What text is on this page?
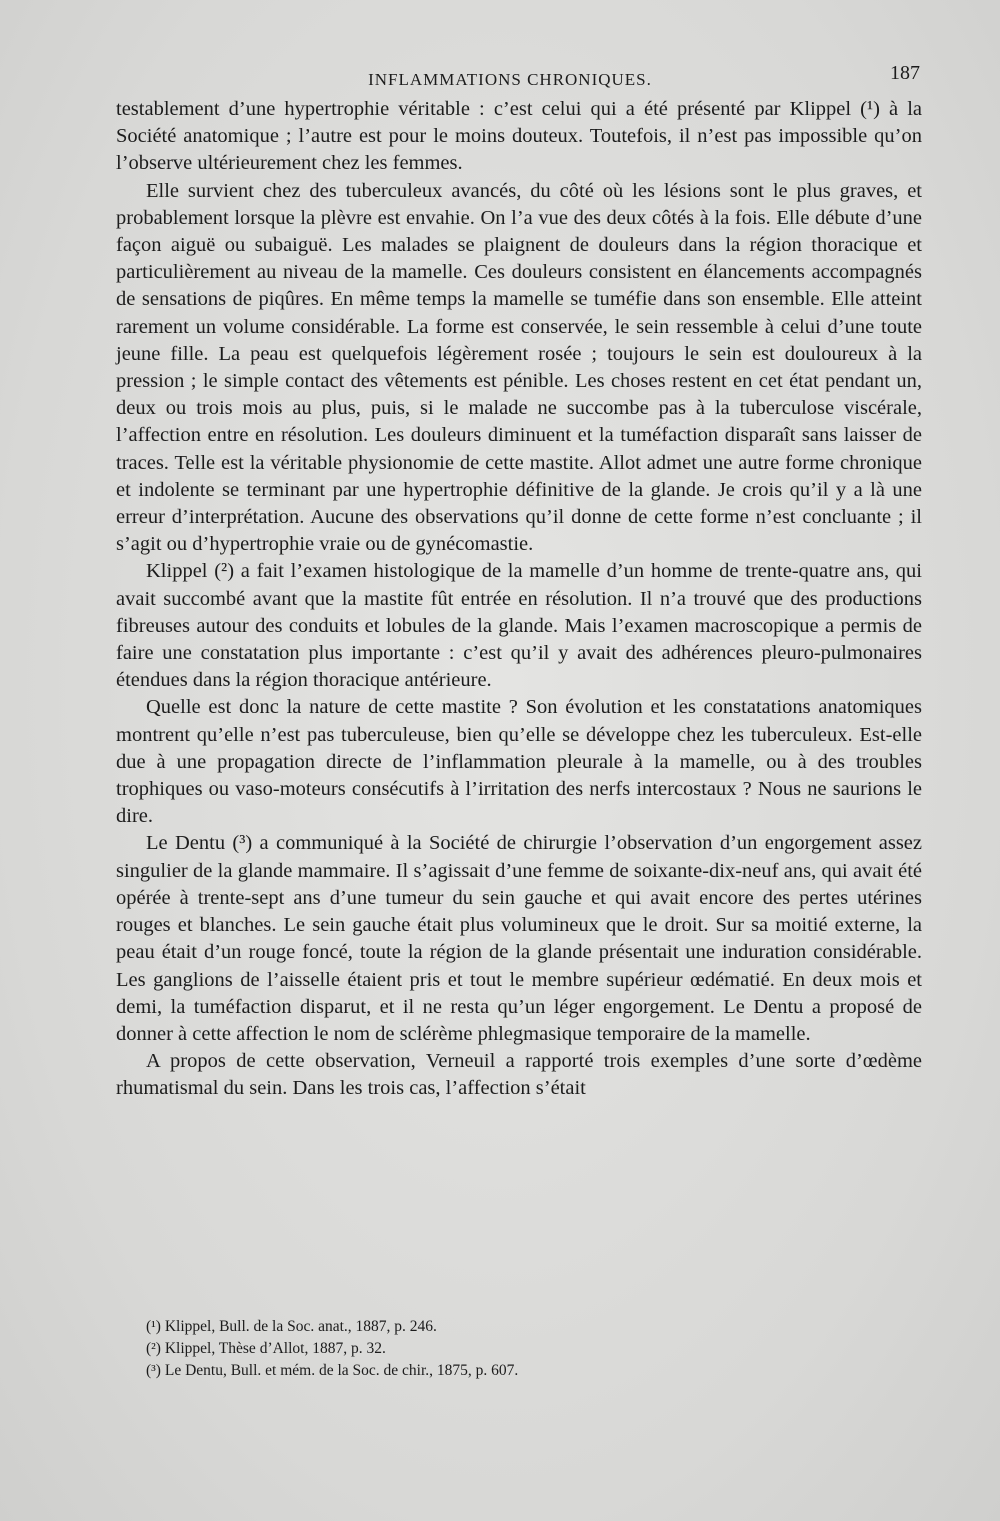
INFLAMMATIONS CHRONIQUES.	187

testablement d’une hypertrophie véritable : c’est celui qui a été présenté par Klippel (¹) à la Société anatomique ; l’autre est pour le moins douteux. Toutefois, il n’est pas impossible qu’on l’observe ultérieurement chez les femmes.

Elle survient chez des tuberculeux avancés, du côté où les lésions sont le plus graves, et probablement lorsque la plèvre est envahie. On l’a vue des deux côtés à la fois. Elle débute d’une façon aiguë ou subaiguë. Les malades se plaignent de douleurs dans la région thoracique et particulièrement au niveau de la mamelle. Ces douleurs consistent en élancements accompagnés de sensations de piqûres. En même temps la mamelle se tuméfie dans son ensemble. Elle atteint rarement un volume considérable. La forme est conservée, le sein ressemble à celui d’une toute jeune fille. La peau est quelquefois légèrement rosée ; toujours le sein est douloureux à la pression ; le simple contact des vêtements est pénible. Les choses restent en cet état pendant un, deux ou trois mois au plus, puis, si le malade ne succombe pas à la tuberculose viscérale, l’affection entre en résolution. Les douleurs diminuent et la tuméfaction disparaît sans laisser de traces. Telle est la véritable physionomie de cette mastite. Allot admet une autre forme chronique et indolente se terminant par une hypertrophie définitive de la glande. Je crois qu’il y a là une erreur d’interprétation. Aucune des observations qu’il donne de cette forme n’est concluante ; il s’agit ou d’hypertrophie vraie ou de gynécomastie.

Klippel (²) a fait l’examen histologique de la mamelle d’un homme de trente-quatre ans, qui avait succombé avant que la mastite fût entrée en résolution. Il n’a trouvé que des productions fibreuses autour des conduits et lobules de la glande. Mais l’examen macroscopique a permis de faire une constatation plus importante : c’est qu’il y avait des adhérences pleuro-pulmonaires étendues dans la région thoracique antérieure.

Quelle est donc la nature de cette mastite ? Son évolution et les constatations anatomiques montrent qu’elle n’est pas tuberculeuse, bien qu’elle se développe chez les tuberculeux. Est-elle due à une propagation directe de l’inflammation pleurale à la mamelle, ou à des troubles trophiques ou vaso-moteurs consécutifs à l’irritation des nerfs intercostaux ? Nous ne saurions le dire.

Le Dentu (³) a communiqué à la Société de chirurgie l’observation d’un engorgement assez singulier de la glande mammaire. Il s’agissait d’une femme de soixante-dix-neuf ans, qui avait été opérée à trente-sept ans d’une tumeur du sein gauche et qui avait encore des pertes utérines rouges et blanches. Le sein gauche était plus volumineux que le droit. Sur sa moitié externe, la peau était d’un rouge foncé, toute la région de la glande présentait une induration considérable. Les ganglions de l’aisselle étaient pris et tout le membre supérieur œdématié. En deux mois et demi, la tuméfaction disparut, et il ne resta qu’un léger engorgement. Le Dentu a proposé de donner à cette affection le nom de sclérème phlegmasique temporaire de la mamelle.

A propos de cette observation, Verneuil a rapporté trois exemples d’une sorte d’œdème rhumatismal du sein. Dans les trois cas, l’affection s’était

(¹) Klippel, Bull. de la Soc. anat., 1887, p. 246.
(²) Klippel, Thèse d’Allot, 1887, p. 32.
(³) Le Dentu, Bull. et mém. de la Soc. de chir., 1875, p. 607.
